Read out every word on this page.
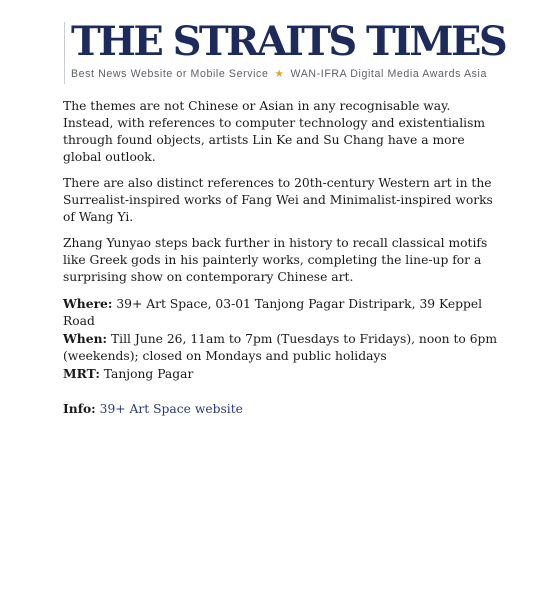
THE STRAITS TIMES
Best News Website or Mobile Service ★ WAN-IFRA Digital Media Awards Asia

The themes are not Chinese or Asian in any recognisable way. Instead, with references to computer technology and existentialism through found objects, artists Lin Ke and Su Chang have a more global outlook.

There are also distinct references to 20th-century Western art in the Surrealist-inspired works of Fang Wei and Minimalist-inspired works of Wang Yi.

Zhang Yunyao steps back further in history to recall classical motifs like Greek gods in his painterly works, completing the line-up for a surprising show on contemporary Chinese art.

Where: 39+ Art Space, 03-01 Tanjong Pagar Distripark, 39 Keppel Road

When: Till June 26, 11am to 7pm (Tuesdays to Fridays), noon to 6pm (weekends); closed on Mondays and public holidays

MRT: Tanjong Pagar

Info: 39+ Art Space website
